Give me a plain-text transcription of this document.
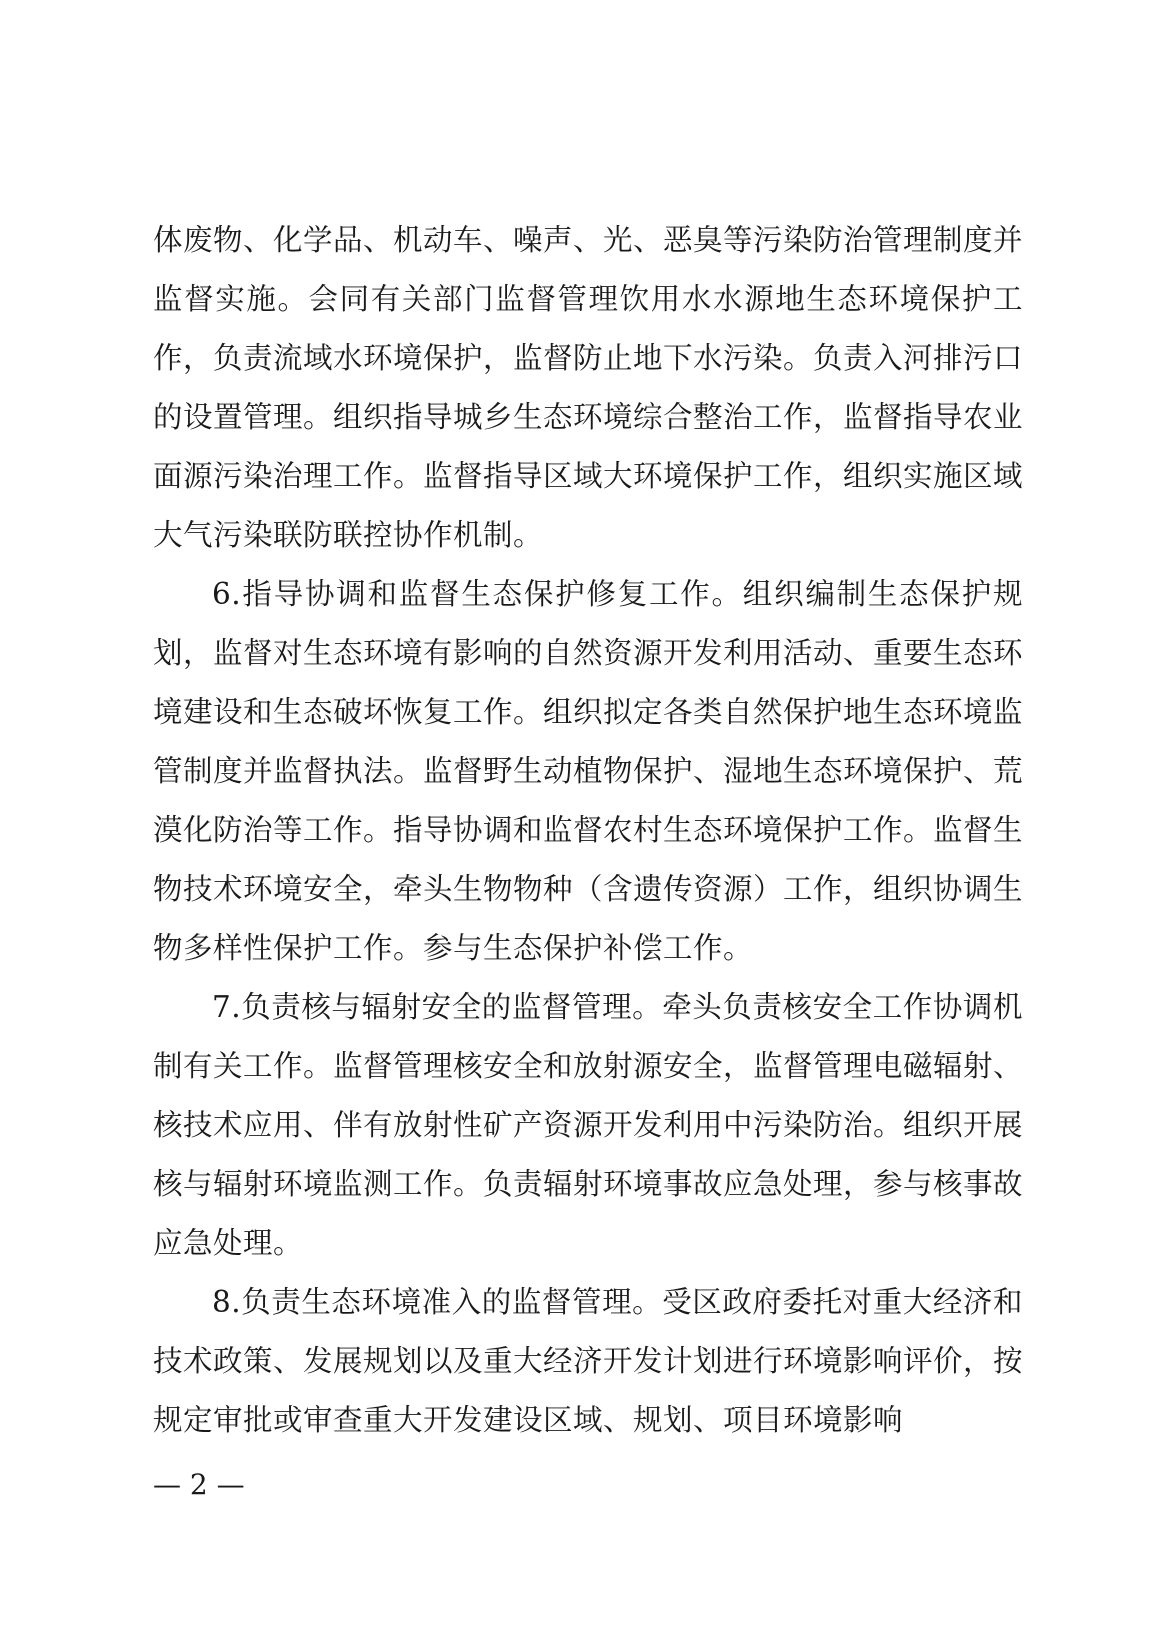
体废物、化学品、机动车、噪声、光、恶臭等污染防治管理制度并监督实施。会同有关部门监督管理饮用水水源地生态环境保护工作，负责流域水环境保护，监督防止地下水污染。负责入河排污口的设置管理。组织指导城乡生态环境综合整治工作，监督指导农业面源污染治理工作。监督指导区域大环境保护工作，组织实施区域大气污染联防联控协作机制。

6.指导协调和监督生态保护修复工作。组织编制生态保护规划，监督对生态环境有影响的自然资源开发利用活动、重要生态环境建设和生态破坏恢复工作。组织拟定各类自然保护地生态环境监管制度并监督执法。监督野生动植物保护、湿地生态环境保护、荒漠化防治等工作。指导协调和监督农村生态环境保护工作。监督生物技术环境安全，牵头生物物种（含遗传资源）工作，组织协调生物多样性保护工作。参与生态保护补偿工作。

7.负责核与辐射安全的监督管理。牵头负责核安全工作协调机制有关工作。监督管理核安全和放射源安全，监督管理电磁辐射、核技术应用、伴有放射性矿产资源开发利用中污染防治。组织开展核与辐射环境监测工作。负责辐射环境事故应急处理，参与核事故应急处理。

8.负责生态环境准入的监督管理。受区政府委托对重大经济和技术政策、发展规划以及重大经济开发计划进行环境影响评价，按规定审批或审查重大开发建设区域、规划、项目环境影响

— 2 —
